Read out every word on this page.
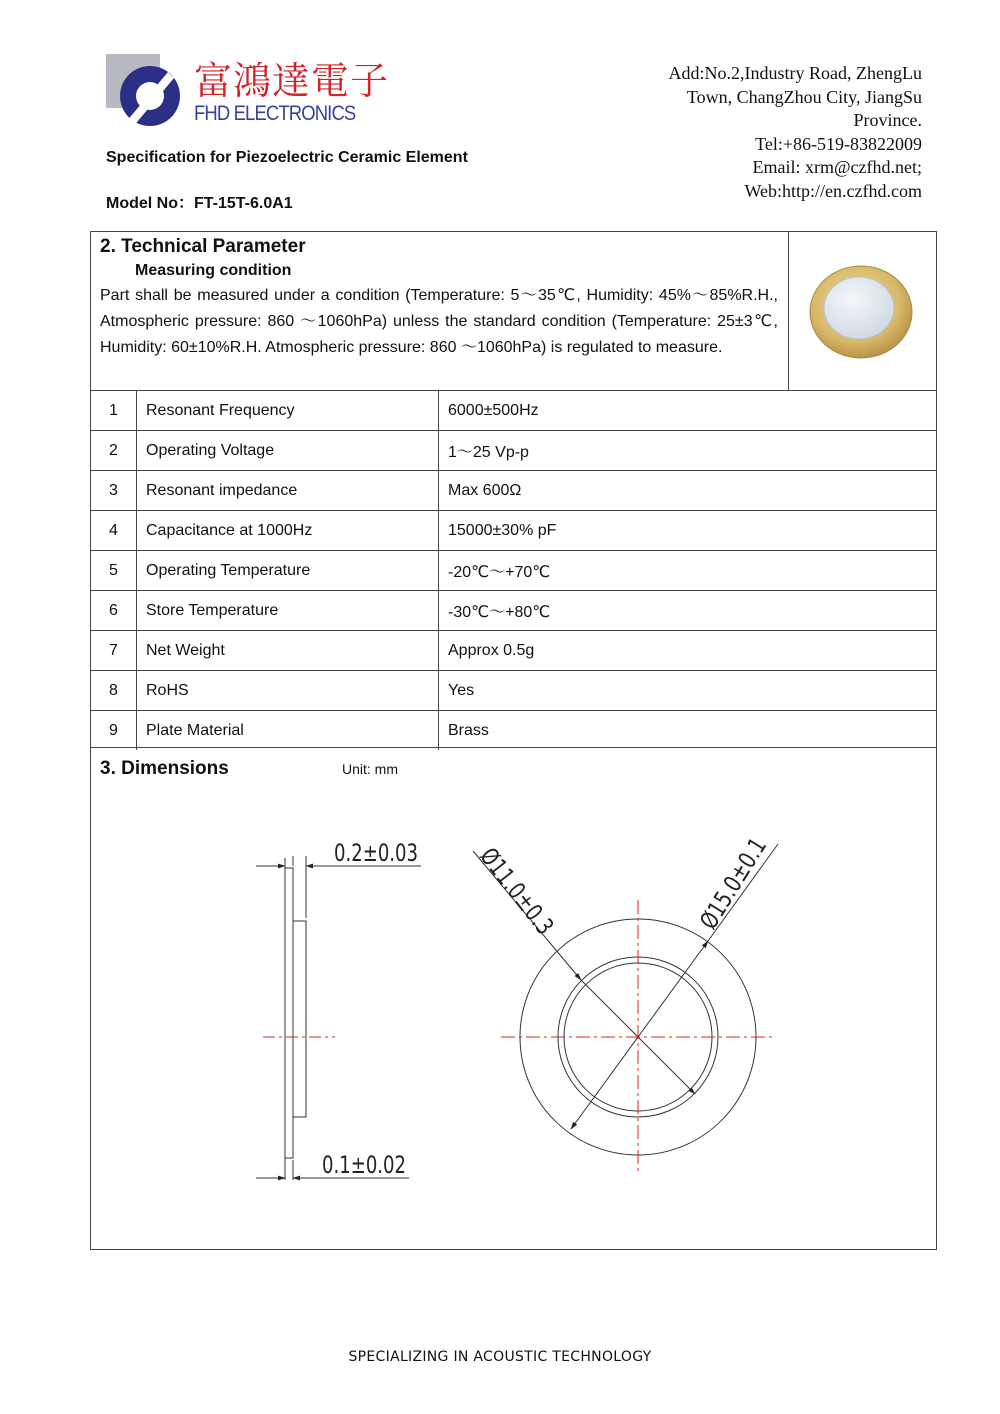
富鴻達電子
FHD ELECTRONICS
Specification for Piezoelectric Ceramic Element
Model No：FT-15T-6.0A1
Add:No.2,Industry Road, ZhengLu
Town, ChangZhou City, JiangSu
Province.
Tel:+86-519-83822009
Email: xrm@czfhd.net;
Web:http://en.czfhd.com
2. Technical Parameter
Measuring condition
Part shall be measured under a condition (Temperature: 5～35℃, Humidity: 45%～85%R.H., Atmospheric pressure: 860 ～1060hPa) unless the standard condition (Temperature: 25±3℃, Humidity: 60±10%R.H. Atmospheric pressure: 860 ～1060hPa) is regulated to measure.
1	Resonant Frequency	6000±500Hz
2	Operating Voltage	1～25 Vp-p
3	Resonant impedance	Max 600Ω
4	Capacitance at 1000Hz	15000±30% pF
5	Operating Temperature	-20℃～+70℃
6	Store Temperature	-30℃～+80℃
7	Net Weight	Approx 0.5g
8	RoHS	Yes
9	Plate Material	Brass
3. Dimensions	Unit: mm
0.2±0.03
0.1±0.02
Ø11.0±0.3	Ø15.0±0.1
SPECIALIZING IN ACOUSTIC TECHNOLOGY
